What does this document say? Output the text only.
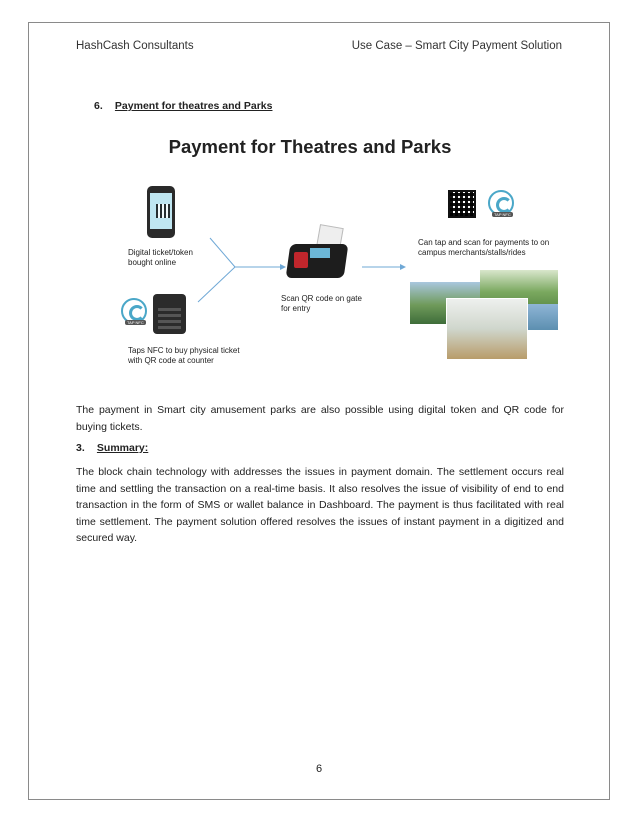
HashCash Consultants	Use Case – Smart City Payment Solution
6. Payment for theatres and Parks
Payment for Theatres and Parks
Digital ticket/token
bought online
TAP NFC
Taps NFC to buy physical ticket
with QR code at counter
Scan QR code on gate
for entry
TAP NFC
Can tap and scan for payments to on
campus merchants/stalls/rides
The payment in Smart city amusement parks are also possible using digital token and QR code for buying tickets.
3. Summary:
The block chain technology with addresses the issues in payment domain. The settlement occurs real time and settling the transaction on a real-time basis. It also resolves the issue of visibility of end to end transaction in the form of SMS or wallet balance in Dashboard. The payment is thus facilitated with real time settlement. The payment solution offered resolves the issues of instant payment in a digitized and secured way.
6
